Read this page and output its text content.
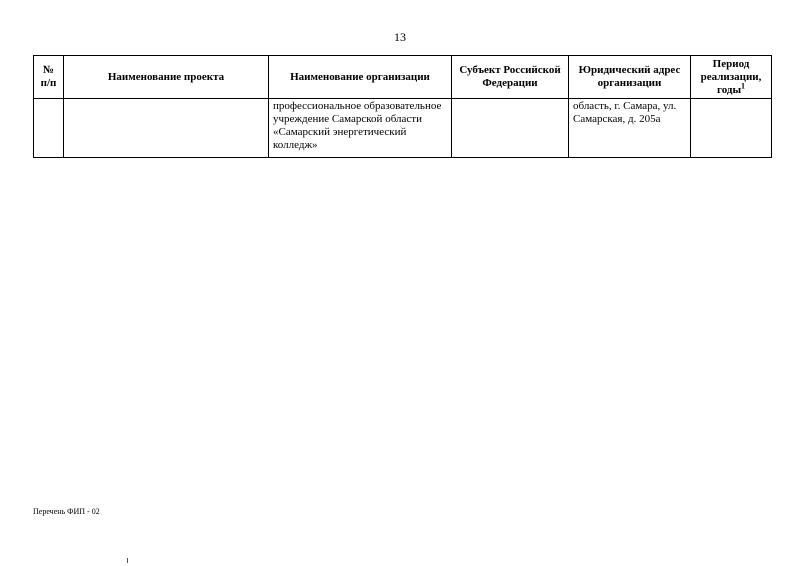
13
№ п/п	Наименование проекта	Наименование организации	Субъект Российской Федерации	Юридический адрес организации	Период реализации, годы$^1$
		профессиональное образовательное учреждение Самарской области «Самарский энергетический колледж»		область, г. Самара, ул. Самарская, д. 205а	
Перечень ФИП - 02
